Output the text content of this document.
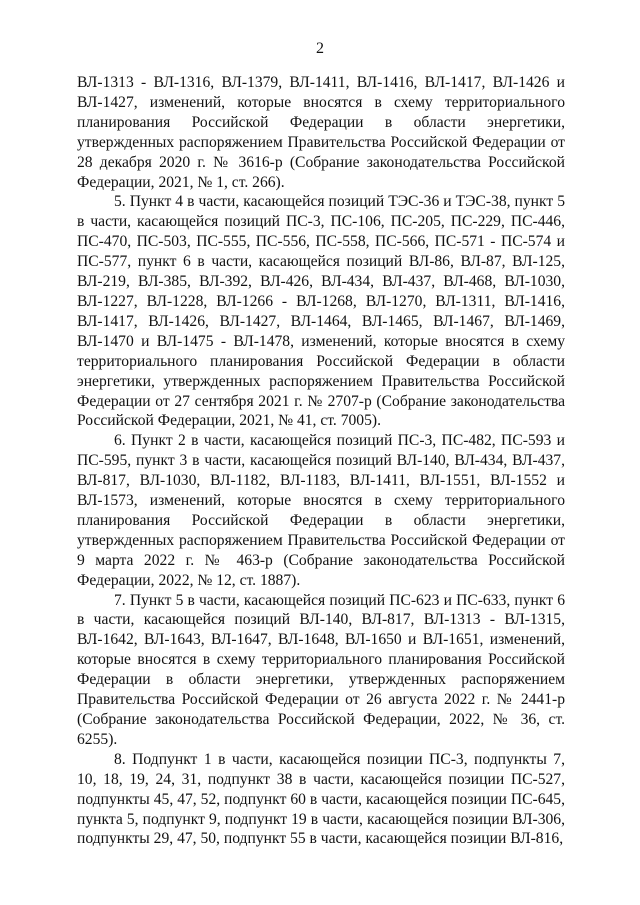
2

ВЛ-1313 - ВЛ-1316, ВЛ-1379, ВЛ-1411, ВЛ-1416, ВЛ-1417, ВЛ-1426 и ВЛ-1427, изменений, которые вносятся в схему территориального планирования Российской Федерации в области энергетики, утвержденных распоряжением Правительства Российской Федерации от 28 декабря 2020 г. № 3616-р (Собрание законодательства Российской Федерации, 2021, № 1, ст. 266).

5. Пункт 4 в части, касающейся позиций ТЭС-36 и ТЭС-38, пункт 5 в части, касающейся позиций ПС-3, ПС-106, ПС-205, ПС-229, ПС-446, ПС-470, ПС-503, ПС-555, ПС-556, ПС-558, ПС-566, ПС-571 - ПС-574 и ПС-577, пункт 6 в части, касающейся позиций ВЛ-86, ВЛ-87, ВЛ-125, ВЛ-219, ВЛ-385, ВЛ-392, ВЛ-426, ВЛ-434, ВЛ-437, ВЛ-468, ВЛ-1030, ВЛ-1227, ВЛ-1228, ВЛ-1266 - ВЛ-1268, ВЛ-1270, ВЛ-1311, ВЛ-1416, ВЛ-1417, ВЛ-1426, ВЛ-1427, ВЛ-1464, ВЛ-1465, ВЛ-1467, ВЛ-1469, ВЛ-1470 и ВЛ-1475 - ВЛ-1478, изменений, которые вносятся в схему территориального планирования Российской Федерации в области энергетики, утвержденных распоряжением Правительства Российской Федерации от 27 сентября 2021 г. № 2707-р (Собрание законодательства Российской Федерации, 2021, № 41, ст. 7005).

6. Пункт 2 в части, касающейся позиций ПС-3, ПС-482, ПС-593 и ПС-595, пункт 3 в части, касающейся позиций ВЛ-140, ВЛ-434, ВЛ-437, ВЛ-817, ВЛ-1030, ВЛ-1182, ВЛ-1183, ВЛ-1411, ВЛ-1551, ВЛ-1552 и ВЛ-1573, изменений, которые вносятся в схему территориального планирования Российской Федерации в области энергетики, утвержденных распоряжением Правительства Российской Федерации от 9 марта 2022 г. № 463-р (Собрание законодательства Российской Федерации, 2022, № 12, ст. 1887).

7. Пункт 5 в части, касающейся позиций ПС-623 и ПС-633, пункт 6 в части, касающейся позиций ВЛ-140, ВЛ-817, ВЛ-1313 - ВЛ-1315, ВЛ-1642, ВЛ-1643, ВЛ-1647, ВЛ-1648, ВЛ-1650 и ВЛ-1651, изменений, которые вносятся в схему территориального планирования Российской Федерации в области энергетики, утвержденных распоряжением Правительства Российской Федерации от 26 августа 2022 г. № 2441-р (Собрание законодательства Российской Федерации, 2022, № 36, ст. 6255).

8. Подпункт 1 в части, касающейся позиции ПС-3, подпункты 7, 10, 18, 19, 24, 31, подпункт 38 в части, касающейся позиции ПС-527, подпункты 45, 47, 52, подпункт 60 в части, касающейся позиции ПС-645, пункта 5, подпункт 9, подпункт 19 в части, касающейся позиции ВЛ-306, подпункты 29, 47, 50, подпункт 55 в части, касающейся позиции ВЛ-816,
